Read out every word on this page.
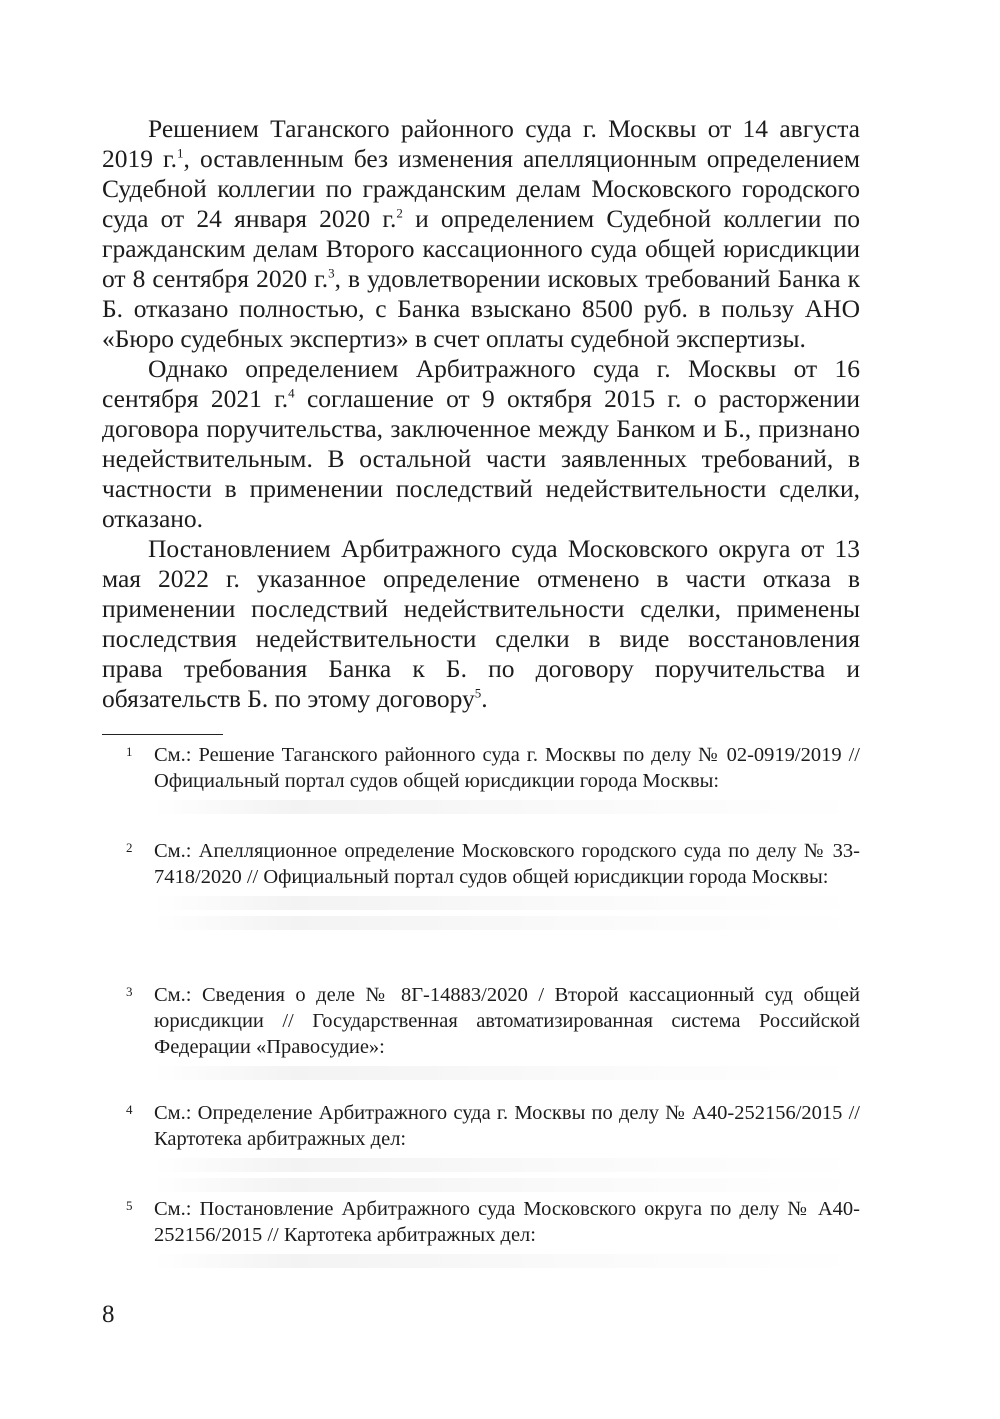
Решением Таганского районного суда г. Москвы от 14 августа 2019 г.$^1$, оставленным без изменения апелляционным определением Судебной коллегии по гражданским делам Московского городского суда от 24 января 2020 г.$^2$ и определением Судебной коллегии по гражданским делам Второго кассационного суда общей юрисдикции от 8 сентября 2020 г.$^3$, в удовлетворении исковых требований Банка к Б. отказано полностью, с Банка взыскано 8500 руб. в пользу АНО «Бюро судебных экспертиз» в счет оплаты судебной экспертизы.

Однако определением Арбитражного суда г. Москвы от 16 сентября 2021 г.$^4$ соглашение от 9 октября 2015 г. о расторжении договора поручительства, заключенное между Банком и Б., признано недействительным. В остальной части заявленных требований, в частности в применении последствий недействительности сделки, отказано.

Постановлением Арбитражного суда Московского округа от 13 мая 2022 г. указанное определение отменено в части отказа в применении последствий недействительности сделки, применены последствия недействительности сделки в виде восстановления права требования Банка к Б. по договору поручительства и обязательств Б. по этому договору$^5$.

1	См.: Решение Таганского районного суда г. Москвы по делу № 02-0919/2019 // Официальный портал судов общей юрисдикции города Москвы:
2	См.: Апелляционное определение Московского городского суда по делу № 33-7418/2020 // Официальный портал судов общей юрисдикции города Москвы:
3	См.: Сведения о деле № 8Г-14883/2020 / Второй кассационный суд общей юрисдикции // Государственная автоматизированная система Российской Федерации «Правосудие»:
4	См.: Определение Арбитражного суда г. Москвы по делу № А40-252156/2015 // Картотека арбитражных дел:
5	См.: Постановление Арбитражного суда Московского округа по делу № А40-252156/2015 // Картотека арбитражных дел:
8
